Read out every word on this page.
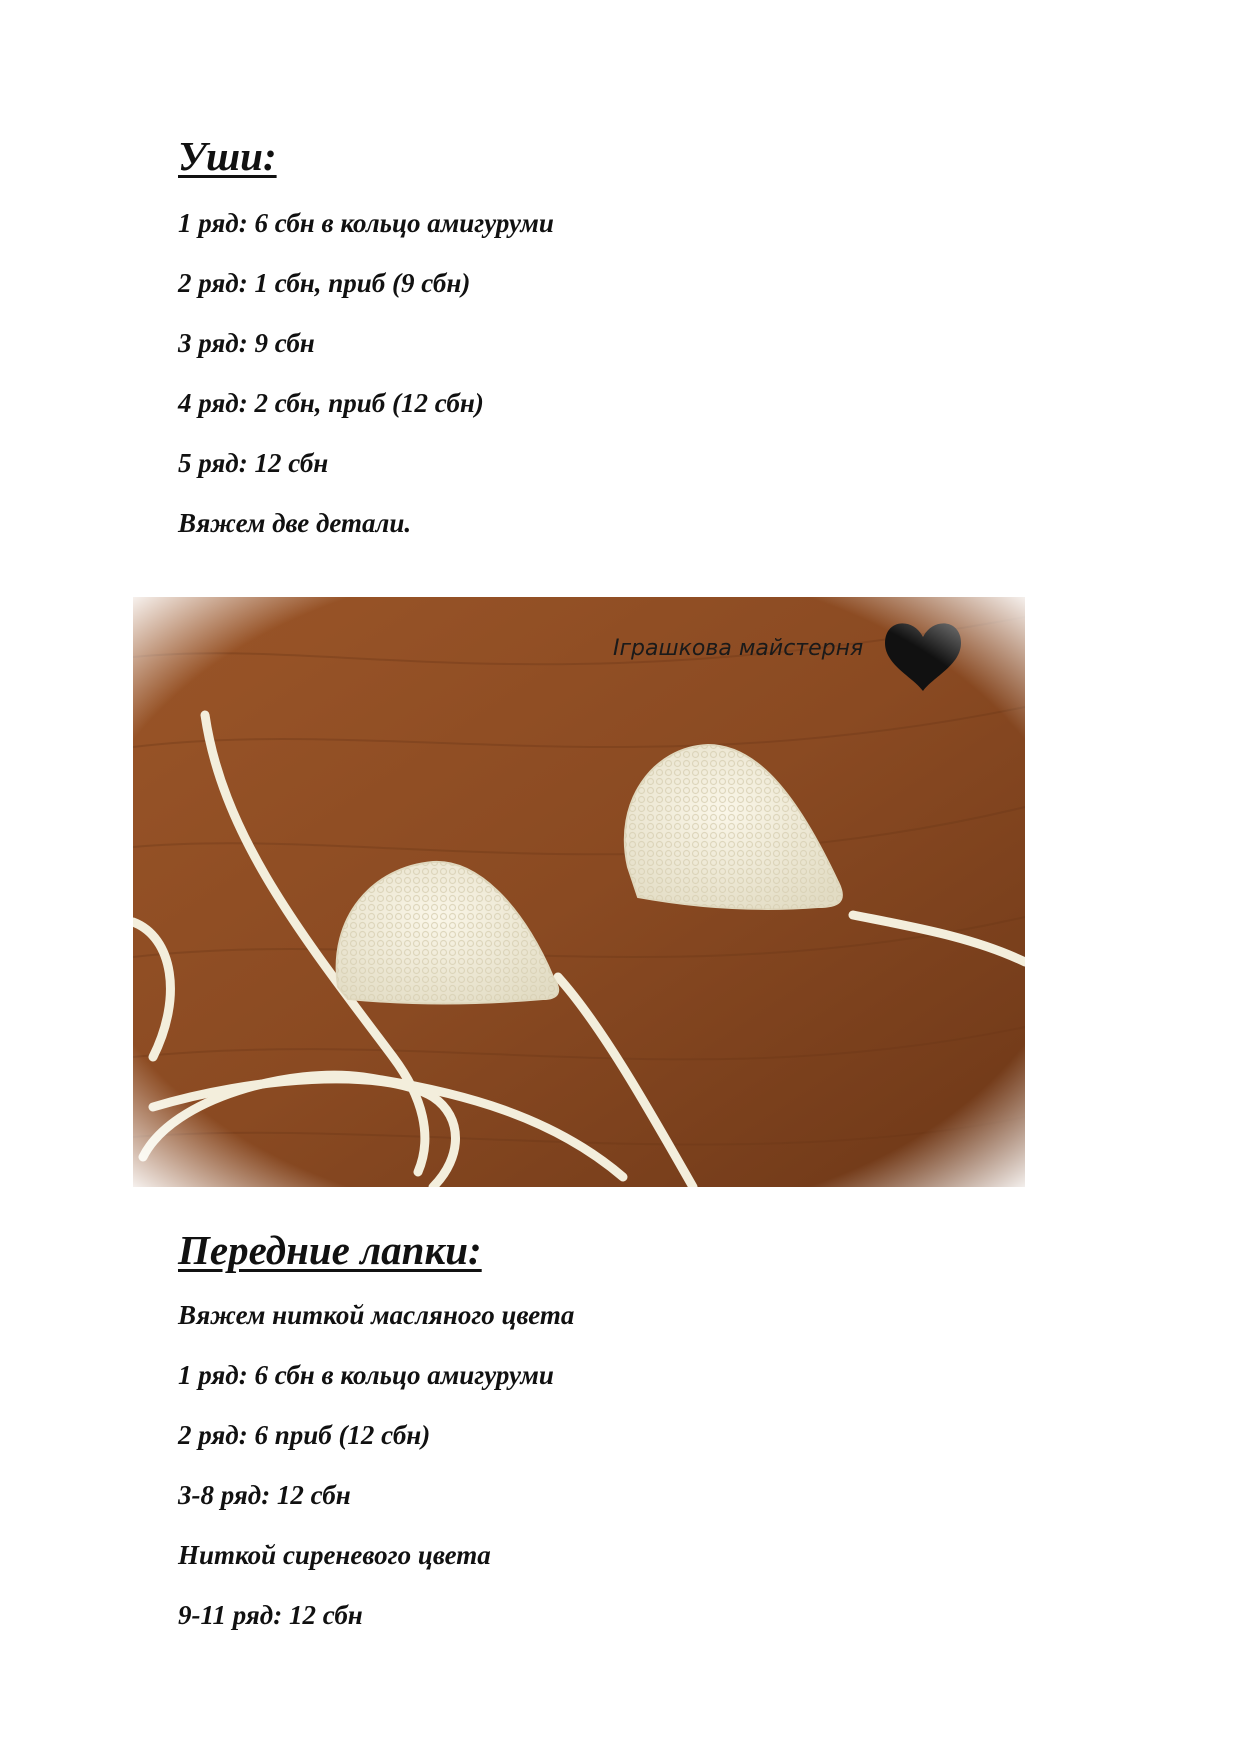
Уши:

1 ряд: 6 сбн в кольцо амигуруми

2 ряд: 1 сбн, приб (9 сбн)

3 ряд: 9 сбн

4 ряд: 2 сбн, приб (12 сбн)

5 ряд: 12 сбн

Вяжем две детали.

Передние лапки:

Вяжем ниткой масляного цвета

1 ряд: 6 сбн в кольцо амигуруми

2 ряд: 6 приб (12 сбн)

3-8 ряд: 12 сбн

Ниткой сиреневого цвета

9-11 ряд: 12 сбн
